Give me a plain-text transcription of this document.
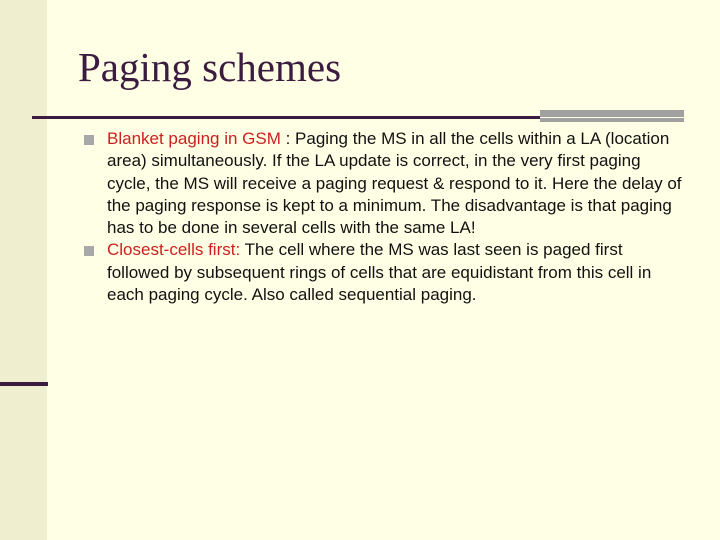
Paging schemes
Blanket paging in GSM : Paging the MS in all the cells within a LA (location area) simultaneously. If the LA update is correct, in the very first paging cycle, the MS will receive a paging request & respond to it. Here the delay of the paging response is kept to a minimum. The disadvantage is that paging has to be done in several cells with the same LA!
Closest-cells first: The cell where the MS was last seen is paged first followed by subsequent rings of cells that are equidistant from this cell in each paging cycle. Also called sequential paging.
